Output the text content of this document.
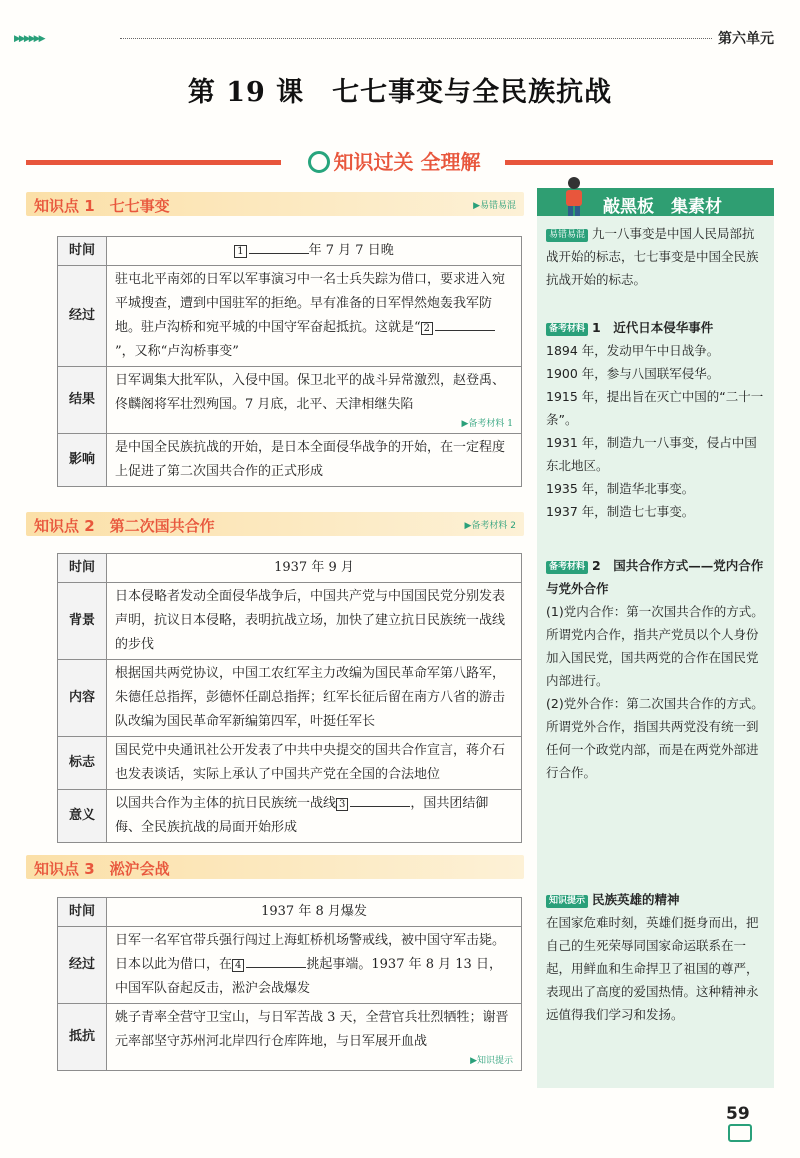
▶▶▶▶▶▶	第六单元
第 19 课　七七事变与全民族抗战
知识过关 全理解
知识点 1　七七事变	▶易错易混
时间	1 年 7 月 7 日晚
经过	驻屯北平南郊的日军以军事演习中一名士兵失踪为借口，要求进入宛平城搜查，遭到中国驻军的拒绝。早有准备的日军悍然炮轰我军防地。驻卢沟桥和宛平城的中国守军奋起抵抗。这就是“ 2”，又称“卢沟桥事变”
结果	日军调集大批军队，入侵中国。保卫北平的战斗异常激烈，赵登禹、佟麟阁将军壮烈殉国。7 月底，北平、天津相继失陷
▶备考材料 1

影响	是中国全民族抗战的开始，是日本全面侵华战争的开始，在一定程度上促进了第二次国共合作的正式形成
知识点 2　第二次国共合作	▶备考材料 2
时间	1937 年 9 月
背景	日本侵略者发动全面侵华战争后，中国共产党与中国国民党分别发表声明，抗议日本侵略，表明抗战立场，加快了建立抗日民族统一战线的步伐
内容	根据国共两党协议，中国工农红军主力改编为国民革命军第八路军，朱德任总指挥，彭德怀任副总指挥；红军长征后留在南方八省的游击队改编为国民革命军新编第四军，叶挺任军长
标志	国民党中央通讯社公开发表了中共中央提交的国共合作宣言，蒋介石也发表谈话，实际上承认了中国共产党在全国的合法地位
意义	以国共合作为主体的抗日民族统一战线 3 ，国共团结御侮、全民族抗战的局面开始形成
知识点 3　淞沪会战
时间	1937 年 8 月爆发
经过	日军一名军官带兵强行闯过上海虹桥机场警戒线，被中国守军击毙。日本以此为借口，在 4 挑起事端。1937 年 8 月 13 日，中国军队奋起反击，淞沪会战爆发
抵抗	姚子青率全营守卫宝山，与日军苦战 3 天，全营官兵壮烈牺牲；谢晋元率部坚守苏州河北岸四行仓库阵地，与日军展开血战
▶知识提示
敲黑板　集素材

易错易混 九一八事变是中国人民局部抗战开始的标志，七七事变是中国全民族抗战开始的标志。

备考材料 1　近代日本侵华事件

1894 年，发动甲午中日战争。

1900 年，参与八国联军侵华。

1915 年，提出旨在灭亡中国的“二十一条”。

1931 年，制造九一八事变，侵占中国东北地区。

1935 年，制造华北事变。

1937 年，制造七七事变。

备考材料 2　国共合作方式——党内合作与党外合作

(1)党内合作：第一次国共合作的方式。所谓党内合作，指共产党员以个人身份加入国民党，国共两党的合作在国民党内部进行。

(2)党外合作：第二次国共合作的方式。所谓党外合作，指国共两党没有统一到任何一个政党内部，而是在两党外部进行合作。

知识提示 民族英雄的精神

在国家危难时刻，英雄们挺身而出，把自己的生死荣辱同国家命运联系在一起，用鲜血和生命捍卫了祖国的尊严，表现出了高度的爱国热情。这种精神永远值得我们学习和发扬。

59
